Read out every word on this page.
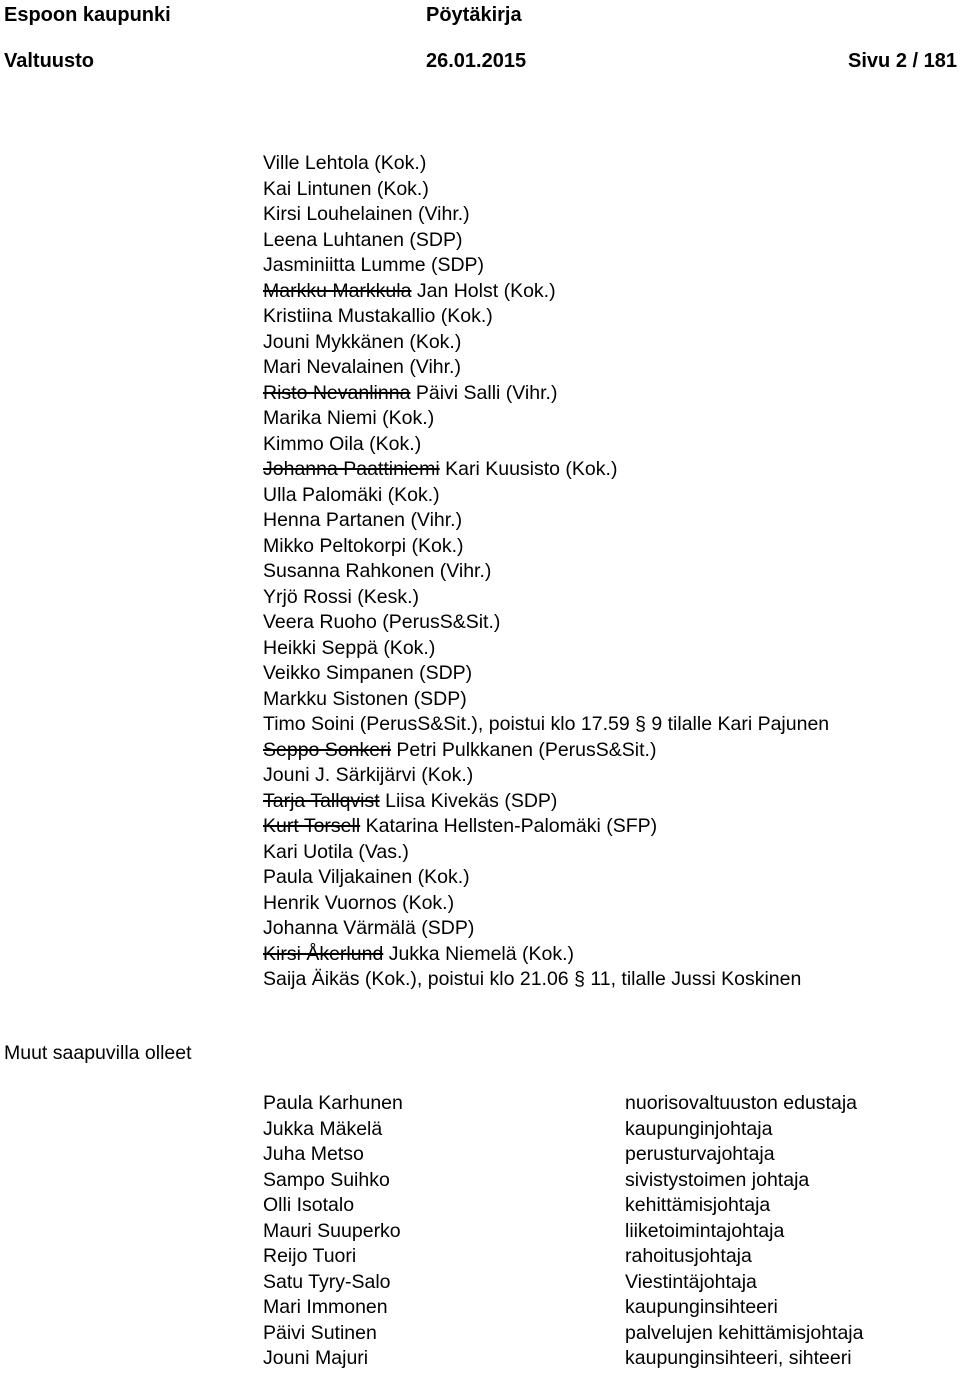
Espoon kaupunki	Pöytäkirja
Valtuusto	26.01.2015	Sivu 2 / 181
Ville Lehtola (Kok.)
Kai Lintunen (Kok.)
Kirsi Louhelainen (Vihr.)
Leena Luhtanen (SDP)
Jasminiitta Lumme (SDP)
Markku Markkula Jan Holst (Kok.)
Kristiina Mustakallio (Kok.)
Jouni Mykkänen (Kok.)
Mari Nevalainen (Vihr.)
Risto Nevanlinna Päivi Salli (Vihr.)
Marika Niemi (Kok.)
Kimmo Oila (Kok.)
Johanna Paattiniemi Kari Kuusisto (Kok.)
Ulla Palomäki (Kok.)
Henna Partanen (Vihr.)
Mikko Peltokorpi (Kok.)
Susanna Rahkonen (Vihr.)
Yrjö Rossi (Kesk.)
Veera Ruoho (PerusS&Sit.)
Heikki Seppä (Kok.)
Veikko Simpanen (SDP)
Markku Sistonen (SDP)
Timo Soini (PerusS&Sit.), poistui klo 17.59 § 9 tilalle Kari Pajunen
Seppo Sonkeri Petri Pulkkanen (PerusS&Sit.)
Jouni J. Särkijärvi (Kok.)
Tarja Tallqvist Liisa Kivekäs (SDP)
Kurt Torsell Katarina Hellsten-Palomäki (SFP)
Kari Uotila (Vas.)
Paula Viljakainen (Kok.)
Henrik Vuornos (Kok.)
Johanna Värmälä (SDP)
Kirsi Åkerlund Jukka Niemelä (Kok.)
Saija Äikäs (Kok.), poistui klo 21.06 § 11, tilalle Jussi Koskinen
Muut saapuvilla olleet
Paula Karhunen	nuorisovaltuuston edustaja
Jukka Mäkelä	kaupunginjohtaja
Juha Metso	perusturvajohtaja
Sampo Suihko	sivistystoimen johtaja
Olli Isotalo	kehittämisjohtaja
Mauri Suuperko	liiketoimintajohtaja
Reijo Tuori	rahoitusjohtaja
Satu Tyry-Salo	Viestintäjohtaja
Mari Immonen	kaupunginsihteeri
Päivi Sutinen	palvelujen kehittämisjohtaja
Jouni Majuri	kaupunginsihteeri, sihteeri
